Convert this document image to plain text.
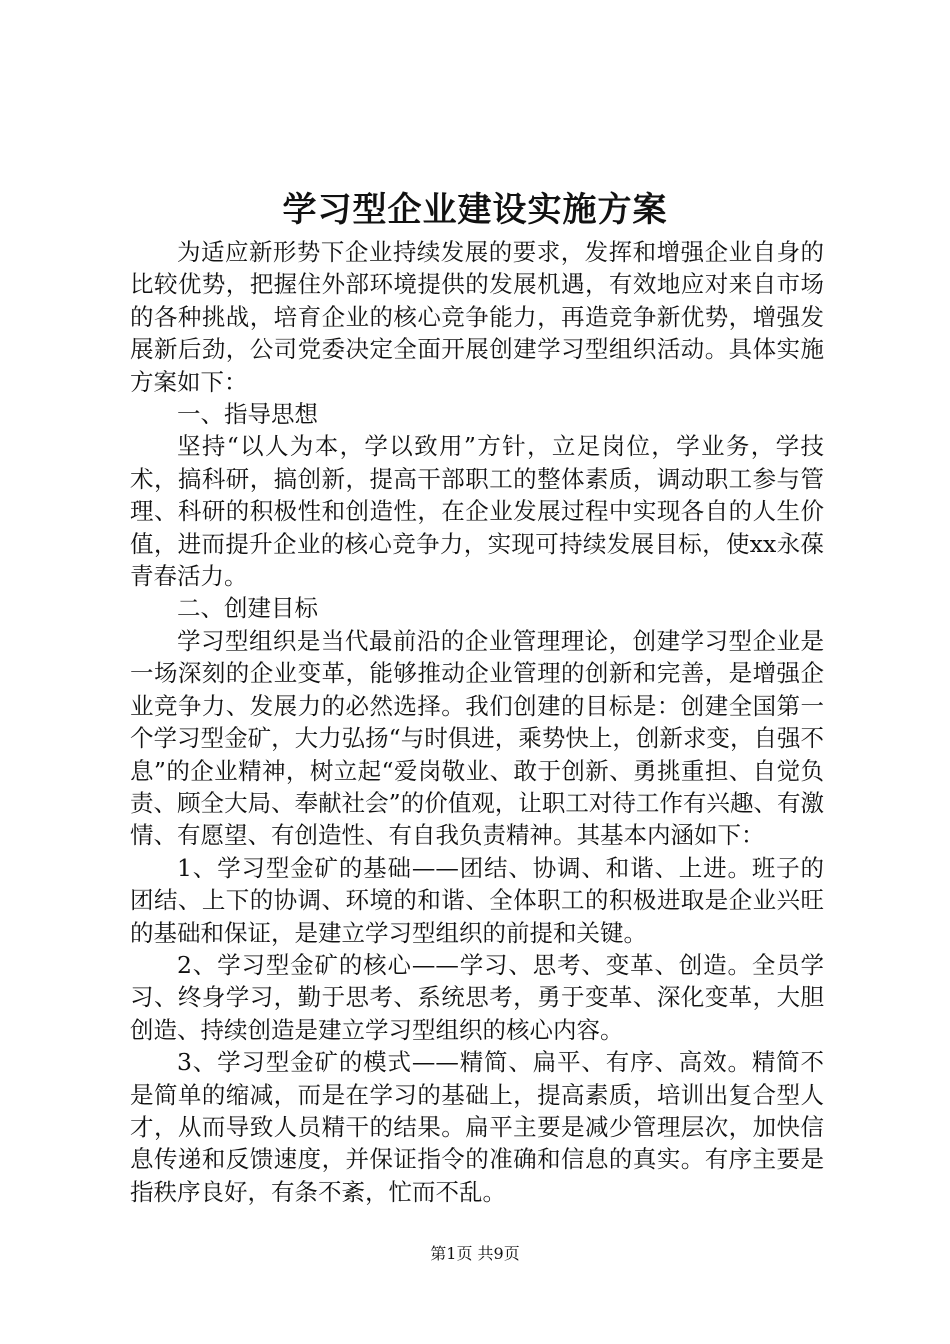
学习型企业建设实施方案

为适应新形势下企业持续发展的要求，发挥和增强企业自身的比较优势，把握住外部环境提供的发展机遇，有效地应对来自市场的各种挑战，培育企业的核心竞争能力，再造竞争新优势，增强发展新后劲，公司党委决定全面开展创建学习型组织活动。具体实施方案如下：

一、指导思想

坚持“以人为本，学以致用”方针，立足岗位，学业务，学技术，搞科研，搞创新，提高干部职工的整体素质，调动职工参与管理、科研的积极性和创造性，在企业发展过程中实现各自的人生价值，进而提升企业的核心竞争力，实现可持续发展目标，使xx永葆青春活力。

二、创建目标

学习型组织是当代最前沿的企业管理理论，创建学习型企业是一场深刻的企业变革，能够推动企业管理的创新和完善，是增强企业竞争力、发展力的必然选择。我们创建的目标是：创建全国第一个学习型金矿，大力弘扬“与时俱进，乘势快上，创新求变，自强不息”的企业精神，树立起“爱岗敬业、敢于创新、勇挑重担、自觉负责、顾全大局、奉献社会”的价值观，让职工对待工作有兴趣、有激情、有愿望、有创造性、有自我负责精神。其基本内涵如下：

1、学习型金矿的基础——团结、协调、和谐、上进。班子的团结、上下的协调、环境的和谐、全体职工的积极进取是企业兴旺的基础和保证，是建立学习型组织的前提和关键。

2、学习型金矿的核心——学习、思考、变革、创造。全员学习、终身学习，勤于思考、系统思考，勇于变革、深化变革，大胆创造、持续创造是建立学习型组织的核心内容。

3、学习型金矿的模式——精简、扁平、有序、高效。精简不是简单的缩减，而是在学习的基础上，提高素质，培训出复合型人才，从而导致人员精干的结果。扁平主要是减少管理层次，加快信息传递和反馈速度，并保证指令的准确和信息的真实。有序主要是指秩序良好，有条不紊，忙而不乱。

第1页 共9页
